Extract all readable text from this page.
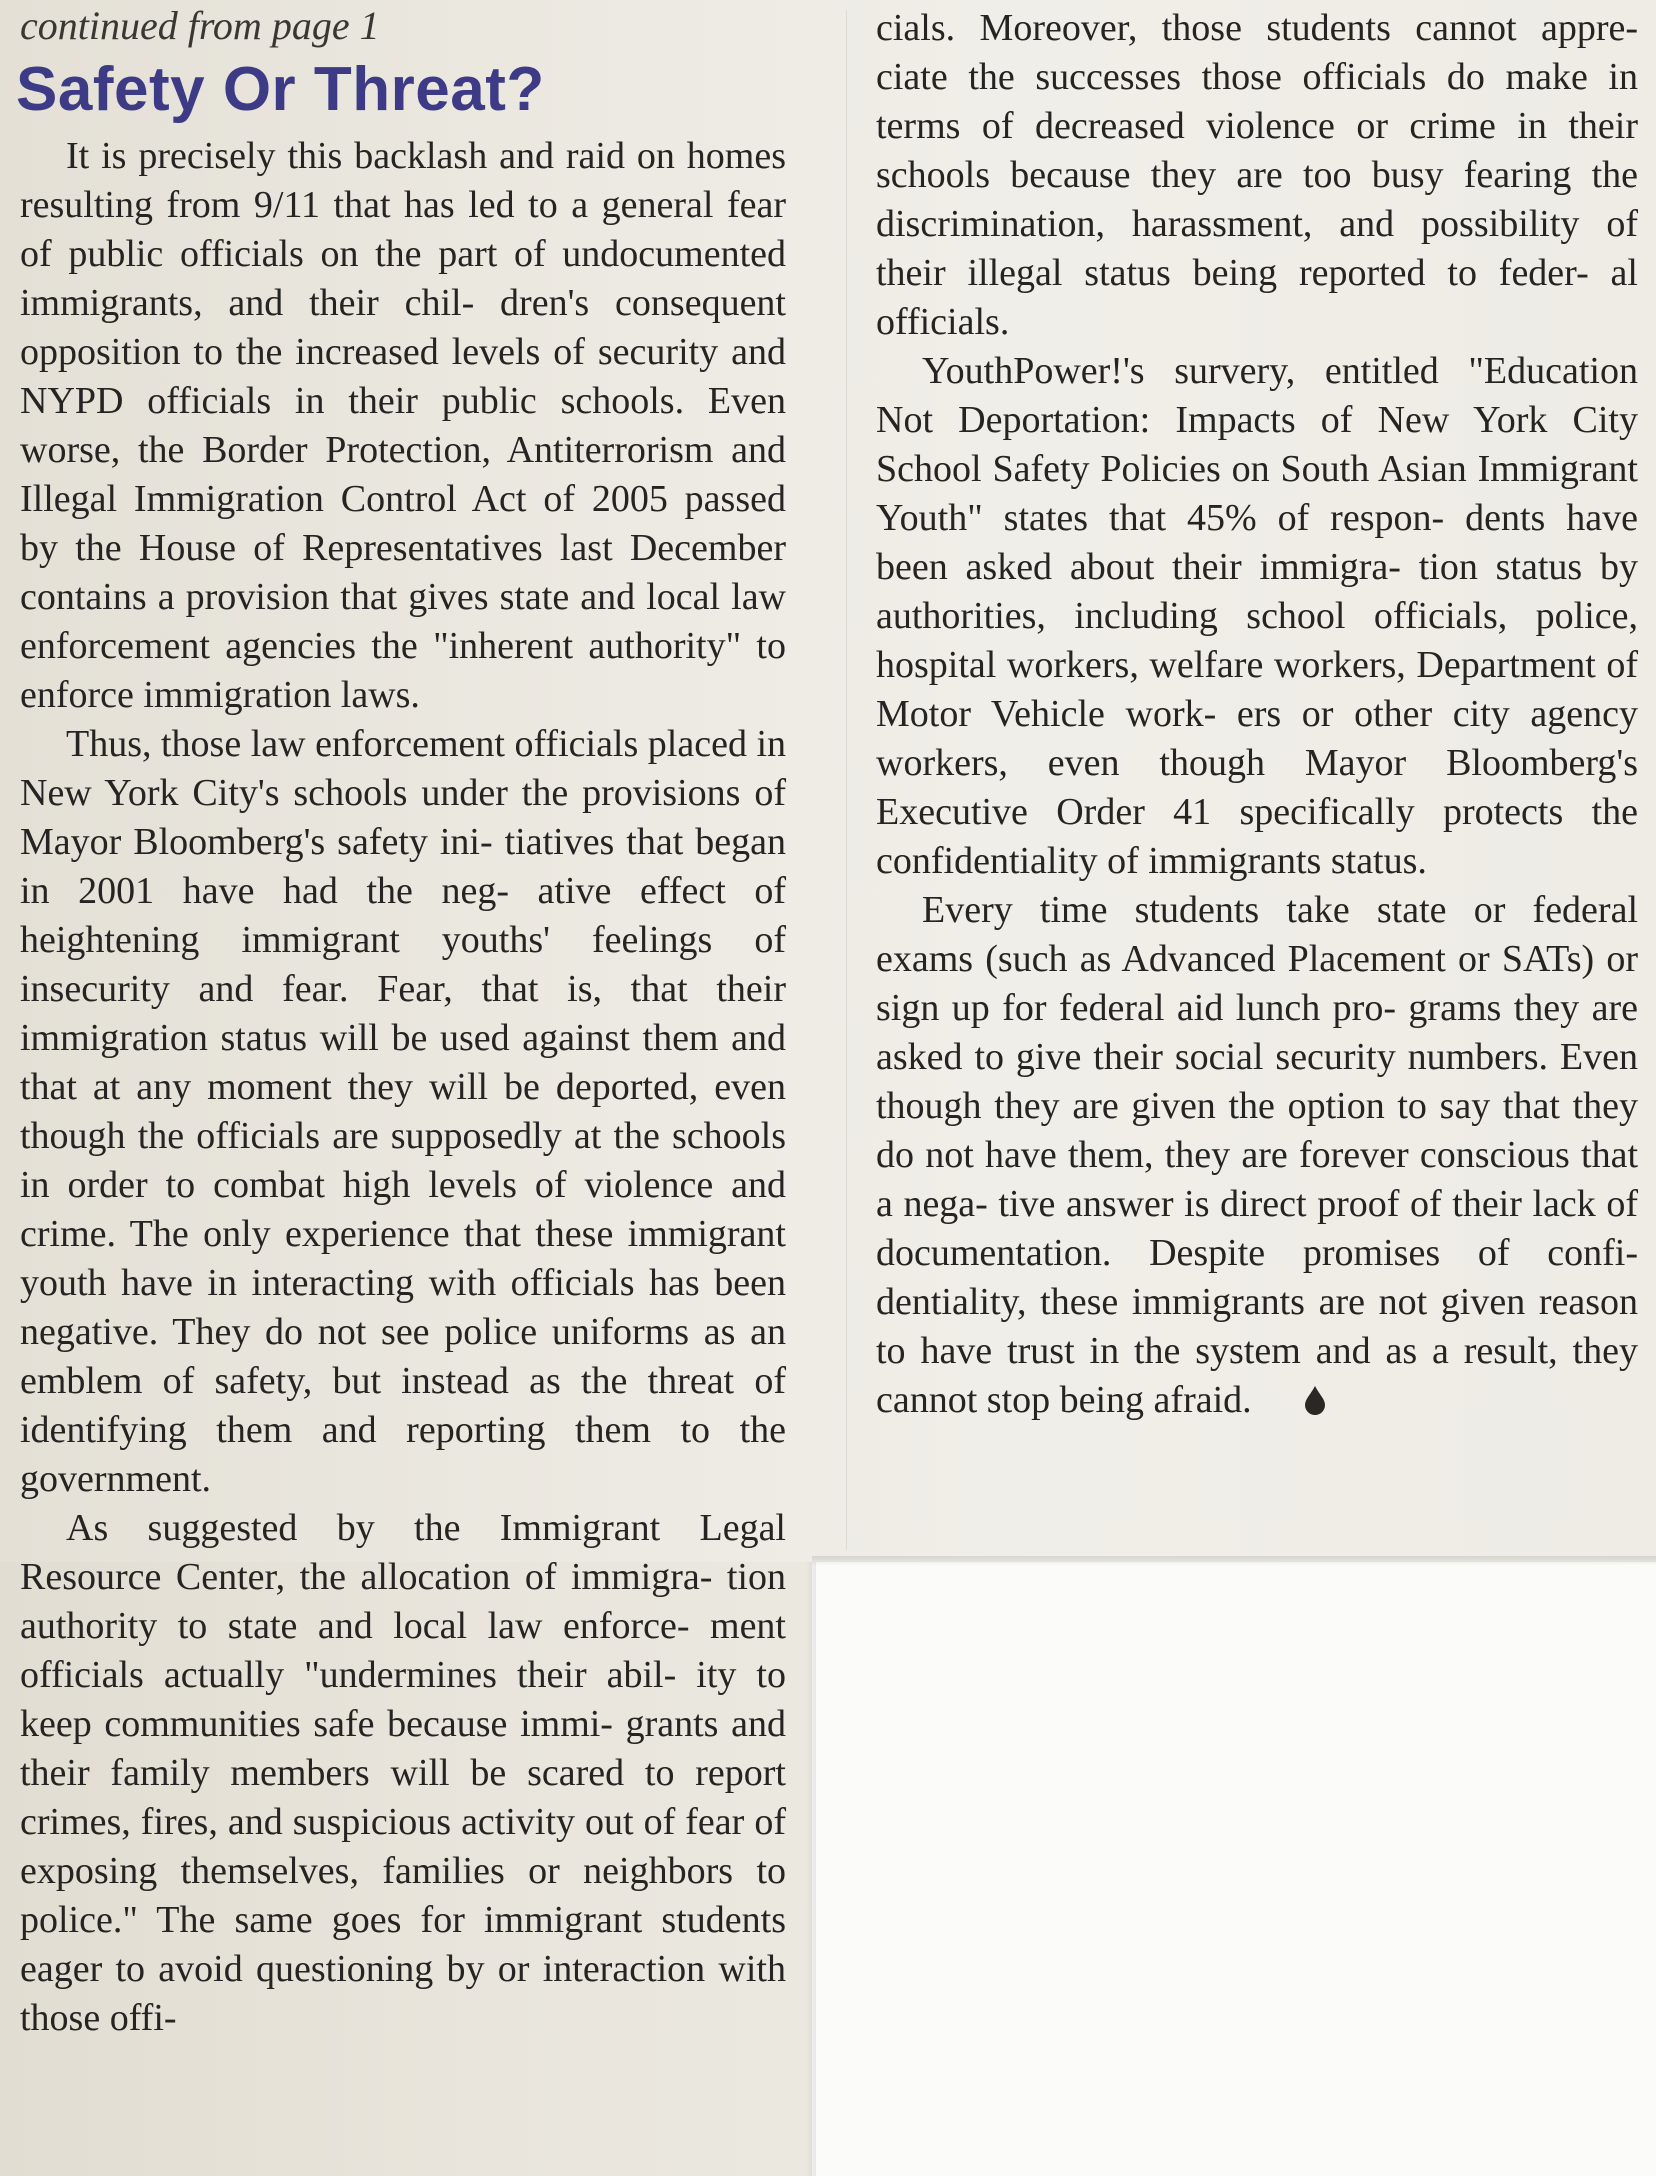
continued from page 1
Safety Or Threat?

It is precisely this backlash and raid on homes resulting from 9/11 that has led to a general fear of public officials on the part of undocumented immigrants, and their chil- dren's consequent opposition to the increased levels of security and NYPD officials in their public schools. Even worse, the Border Protection, Antiterrorism and Illegal Immigration Control Act of 2005 passed by the House of Representatives last December contains a provision that gives state and local law enforcement agencies the "inherent authority" to enforce immigration laws.

Thus, those law enforcement officials placed in New York City's schools under the provisions of Mayor Bloomberg's safety ini- tiatives that began in 2001 have had the neg- ative effect of heightening immigrant youths' feelings of insecurity and fear. Fear, that is, that their immigration status will be used against them and that at any moment they will be deported, even though the officials are supposedly at the schools in order to combat high levels of violence and crime. The only experience that these immigrant youth have in interacting with officials has been negative. They do not see police uniforms as an emblem of safety, but instead as the threat of identifying them and reporting them to the government.

As suggested by the Immigrant Legal Resource Center, the allocation of immigra- tion authority to state and local law enforce- ment officials actually "undermines their abil- ity to keep communities safe because immi- grants and their family members will be scared to report crimes, fires, and suspicious activity out of fear of exposing themselves, families or neighbors to police." The same goes for immigrant students eager to avoid questioning by or interaction with those offi-

cials. Moreover, those students cannot appre- ciate the successes those officials do make in terms of decreased violence or crime in their schools because they are too busy fearing the discrimination, harassment, and possibility of their illegal status being reported to feder- al officials.

YouthPower!'s survery, entitled "Education Not Deportation: Impacts of New York City School Safety Policies on South Asian Immigrant Youth" states that 45% of respon- dents have been asked about their immigra- tion status by authorities, including school officials, police, hospital workers, welfare workers, Department of Motor Vehicle work- ers or other city agency workers, even though Mayor Bloomberg's Executive Order 41 specifically protects the confidentiality of immigrants status.

Every time students take state or federal exams (such as Advanced Placement or SATs) or sign up for federal aid lunch pro- grams they are asked to give their social security numbers. Even though they are given the option to say that they do not have them, they are forever conscious that a nega- tive answer is direct proof of their lack of documentation. Despite promises of confi- dentiality, these immigrants are not given reason to have trust in the system and as a result, they cannot stop being afraid.
